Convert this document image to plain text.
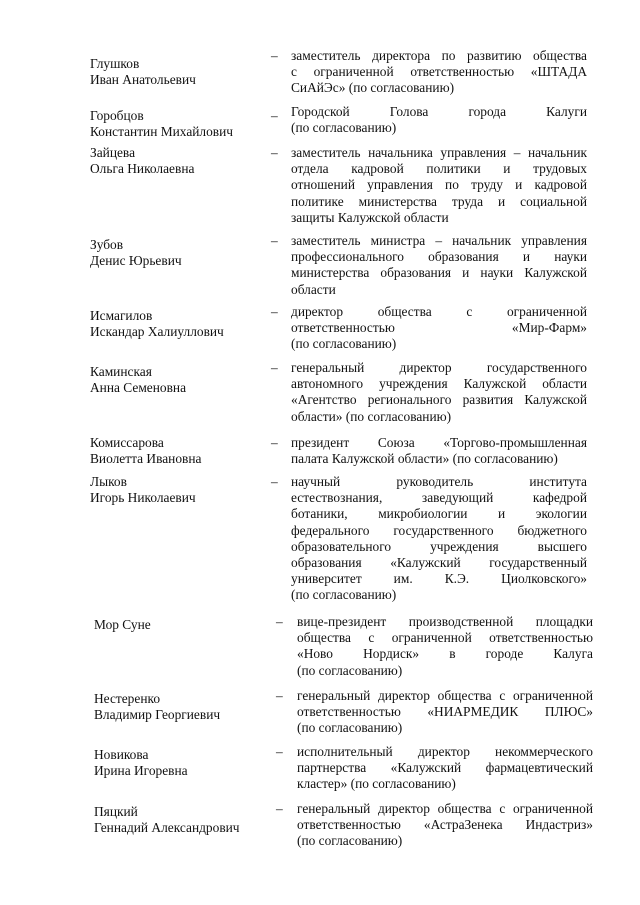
Глушков
Иван Анатольевич
– заместитель директора по развитию общества
с ограниченной ответственностью «ШТАДА
СиАйЭс» (по согласованию)
Горобцов
Константин Михайлович
– Городской Голова города Калуги
(по согласованию)
Зайцева
Ольга Николаевна
– заместитель начальника управления – начальник
отдела кадровой политики и трудовых
отношений управления по труду и кадровой
политике министерства труда и социальной
защиты Калужской области
Зубов
Денис Юрьевич
– заместитель министра – начальник управления
профессионального образования и науки
министерства образования и науки Калужской
области
Исмагилов
Искандар Халиуллович
– директор общества с ограниченной
ответственностью «Мир-Фарм»
(по согласованию)
Каминская
Анна Семеновна
– генеральный директор государственного
автономного учреждения Калужской области
«Агентство регионального развития Калужской
области» (по согласованию)
Комиссарова
Виолетта Ивановна
– президент Союза «Торгово-промышленная
палата Калужской области» (по согласованию)
Лыков
Игорь Николаевич
– научный руководитель института
естествознания, заведующий кафедрой
ботаники, микробиологии и экологии
федерального государственного бюджетного
образовательного учреждения высшего
образования «Калужский государственный
университет им. К.Э. Циолковского»
(по согласованию)
Мор Суне	–	вице-президент производственной площадки
общества с ограниченной ответственностью
«Ново Нордиск» в городе Калуга
(по согласованию)
Нестеренко
Владимир Георгиевич
–	генеральный директор общества с ограниченной
ответственностью «НИАРМЕДИК ПЛЮС»
(по согласованию)
Новикова
Ирина Игоревна
–	исполнительный директор некоммерческого
партнерства «Калужский фармацевтический
кластер» (по согласованию)
Пяцкий
Геннадий Александрович
–	генеральный директор общества с ограниченной
ответственностью «АстраЗенека Индастриз»
(по согласованию)
